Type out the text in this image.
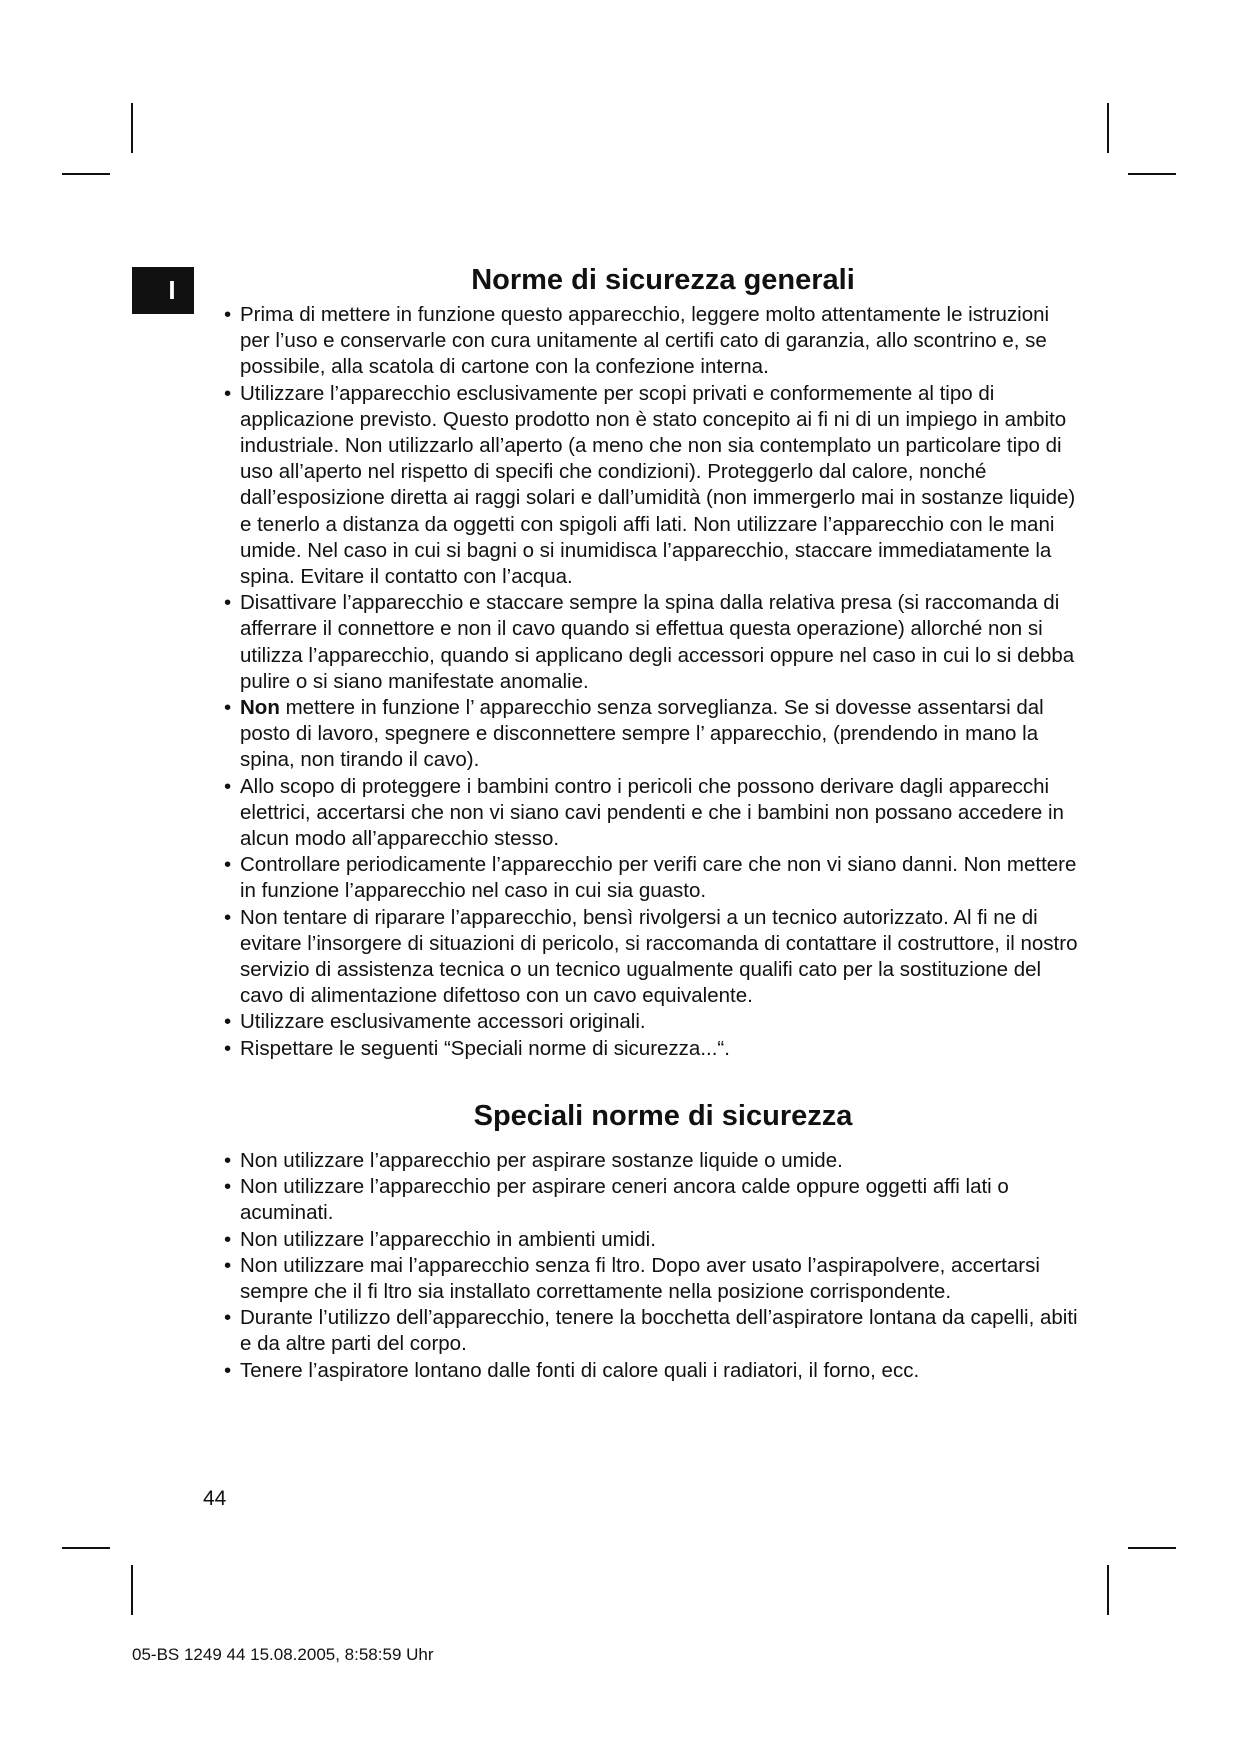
I	Norme di sicurezza generali
• Prima di mettere in funzione questo apparecchio, leggere molto attentamente le istruzioni per l’uso e conservarle con cura unitamente al certifi cato di garanzia, allo scontrino e, se possibile, alla scatola di cartone con la confezione interna.
• Utilizzare l’apparecchio esclusivamente per scopi privati e conformemente al tipo di applicazione previsto. Questo prodotto non è stato concepito ai fi ni di un impiego in ambito industriale. Non utilizzarlo all’aperto (a meno che non sia contemplato un particolare tipo di uso all’aperto nel rispetto di specifi che condizioni). Proteggerlo dal calore, nonché dall’esposizione diretta ai raggi solari e dall’umidità (non immergerlo mai in sostanze liquide) e tenerlo a distanza da oggetti con spigoli affi lati. Non utilizzare l’apparecchio con le mani umide. Nel caso in cui si bagni o si inumidisca l’apparecchio, staccare immediatamente la spina. Evitare il contatto con l’acqua.
• Disattivare l’apparecchio e staccare sempre la spina dalla relativa presa (si raccomanda di afferrare il connettore e non il cavo quando si effettua questa operazione) allorché non si utilizza l’apparecchio, quando si applicano degli accessori oppure nel caso in cui lo si debba pulire o si siano manifestate anomalie.
• Non mettere in funzione l’ apparecchio senza sorveglianza. Se si dovesse assentarsi dal posto di lavoro, spegnere e disconnettere sempre l’ apparecchio, (prendendo in mano la spina, non tirando il cavo).
• Allo scopo di proteggere i bambini contro i pericoli che possono derivare dagli apparecchi elettrici, accertarsi che non vi siano cavi pendenti e che i bambini non possano accedere in alcun modo all’apparecchio stesso.
• Controllare periodicamente l’apparecchio per verifi care che non vi siano danni. Non mettere in funzione l’apparecchio nel caso in cui sia guasto.
• Non tentare di riparare l’apparecchio, bensì rivolgersi a un tecnico autorizzato. Al fi ne di evitare l’insorgere di situazioni di pericolo, si raccomanda di contattare il costruttore, il nostro servizio di assistenza tecnica o un tecnico ugualmente qualifi cato per la sostituzione del cavo di alimentazione difettoso con un cavo equivalente.
• Utilizzare esclusivamente accessori originali.
• Rispettare le seguenti “Speciali norme di sicurezza...“.
Speciali norme di sicurezza
• Non utilizzare l’apparecchio per aspirare sostanze liquide o umide.
• Non utilizzare l’apparecchio per aspirare ceneri ancora calde oppure oggetti affi lati o acuminati.
• Non utilizzare l’apparecchio in ambienti umidi.
• Non utilizzare mai l’apparecchio senza fi ltro. Dopo aver usato l’aspirapolvere, accertarsi sempre che il fi ltro sia installato correttamente nella posizione corrispondente.
• Durante l’utilizzo dell’apparecchio, tenere la bocchetta dell’aspiratore lontana da capelli, abiti e da altre parti del corpo.
• Tenere l’aspiratore lontano dalle fonti di calore quali i radiatori, il forno, ecc.
44
05-BS 1249 44 15.08.2005, 8:58:59 Uhr
